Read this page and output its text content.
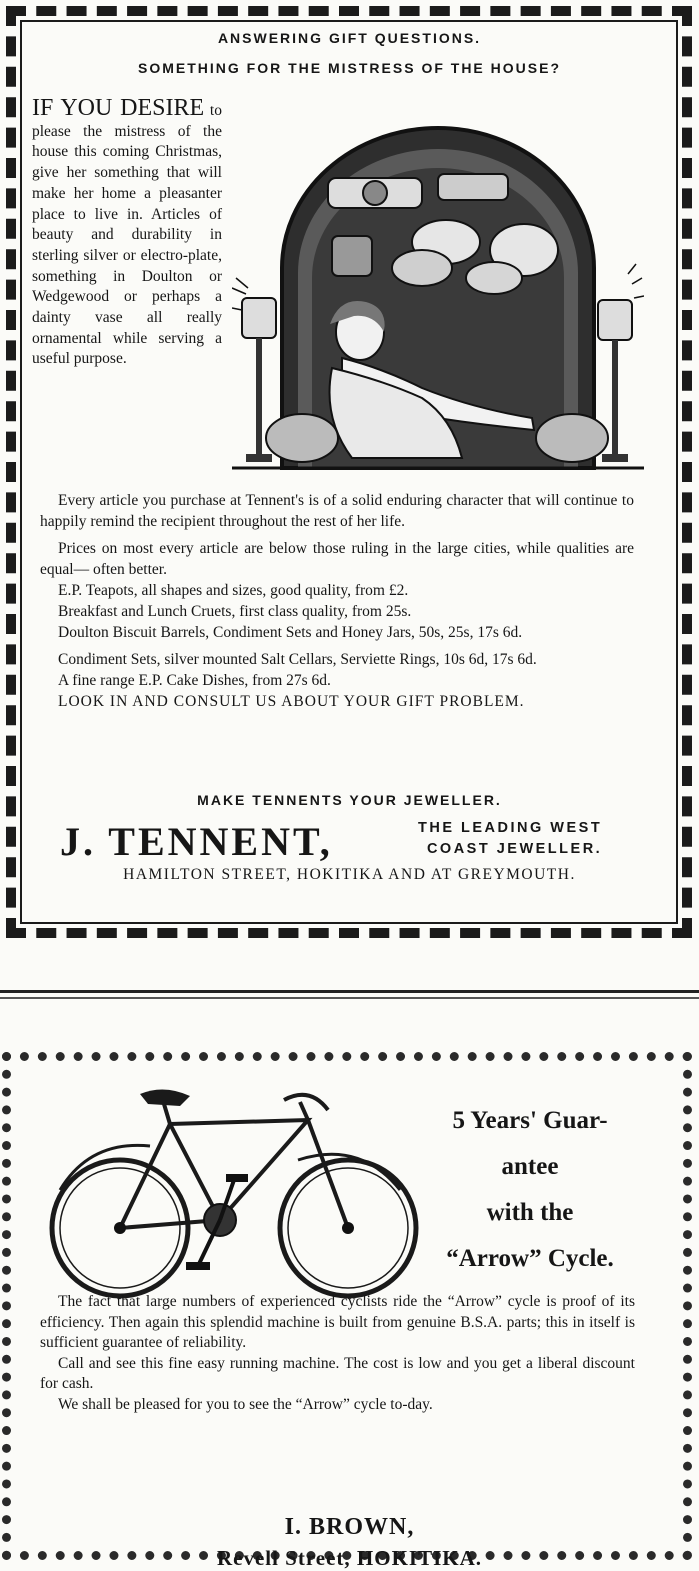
ANSWERING GIFT QUESTIONS.
SOMETHING FOR THE MISTRESS OF THE HOUSE?
IF YOU DESIRE to please the mistress of the house this coming Christmas, give her something that will make her home a pleasanter place to live in. Articles of beauty and durability in sterling silver or electro-plate, something in Doulton or Wedgewood or perhaps a dainty vase all really ornamental while serving a useful purpose.

Every article you purchase at Tennent's is of a solid enduring character that will continue to happily remind the recipient throughout the rest of her life.

Prices on most every article are below those ruling in the large cities, while qualities are equal— often better.

E.P. Teapots, all shapes and sizes, good quality, from £2.

Breakfast and Lunch Cruets, first class quality, from 25s.

Doulton Biscuit Barrels, Condiment Sets and Honey Jars, 50s, 25s, 17s 6d.

Condiment Sets, silver mounted Salt Cellars, Serviette Rings, 10s 6d, 17s 6d.

A fine range E.P. Cake Dishes, from 27s 6d.

LOOK IN AND CONSULT US ABOUT YOUR GIFT PROBLEM.

MAKE TENNENTS YOUR JEWELLER.
J. TENNENT,	THE LEADING WEST
COAST JEWELLER.
HAMILTON STREET, HOKITIKA AND AT GREYMOUTH.
5 Years' Guar-
antee
with the
“Arrow” Cycle.

The fact that large numbers of experienced cyclists ride the “Arrow” cycle is proof of its efficiency. Then again this splendid machine is built from genuine B.S.A. parts; this in itself is sufficient guarantee of reliability.

Call and see this fine easy running machine. The cost is low and you get a liberal discount for cash.

We shall be pleased for you to see the “Arrow” cycle to-day.

I. BROWN,
Revell Street, HOKITIKA.
